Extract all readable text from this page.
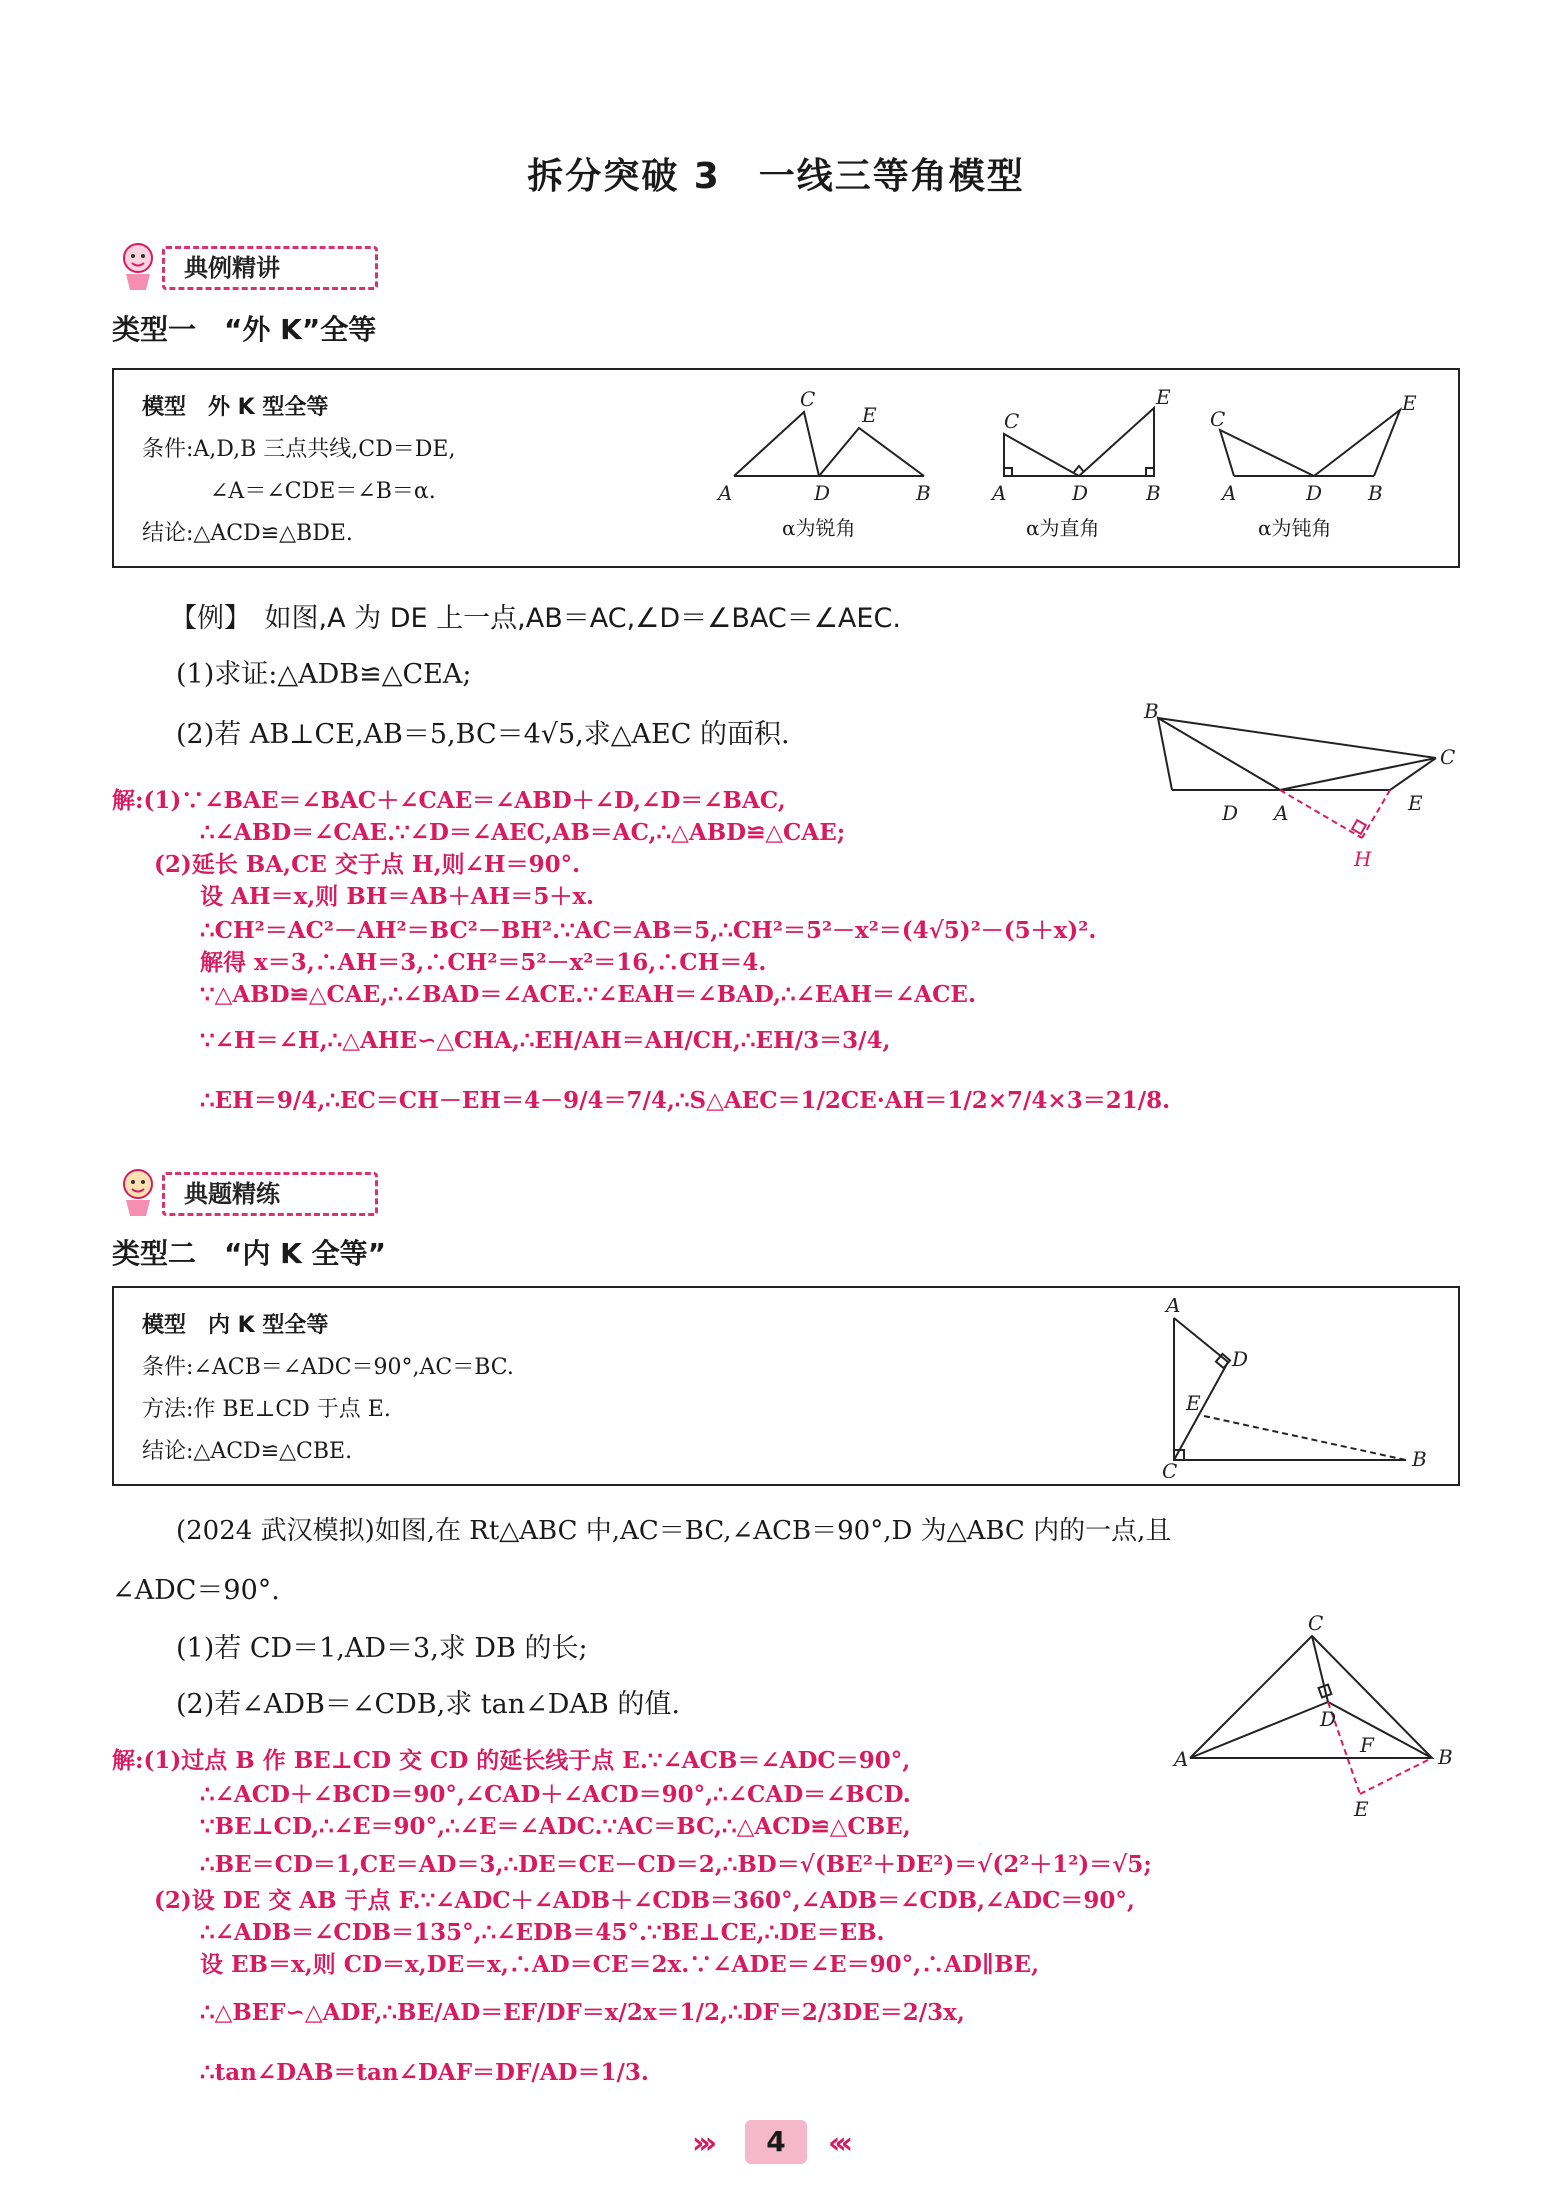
拆分突破 3　一线三等角模型
典例精讲
类型一　“外 K”全等
模型　外 K 型全等
条件:A,D,B 三点共线,CD＝DE,
∠A＝∠CDE＝∠B＝α.
结论:△ACD≌△BDE.
A	D	B
C
E
A	D	B
C
E
A	D B
C
E
α为锐角	α为直角	α为钝角
【例】　如图,A 为 DE 上一点,AB＝AC,∠D＝∠BAC＝∠AEC.
(1)求证:△ADB≌△CEA;
(2)若 AB⊥CE,AB＝5,BC＝4√5,求△AEC 的面积.
B
C
D A	E
H
解:(1)∵∠BAE＝∠BAC＋∠CAE＝∠ABD＋∠D,∠D＝∠BAC,
∴∠ABD＝∠CAE.∵∠D＝∠AEC,AB＝AC,∴△ABD≌△CAE;
(2)延长 BA,CE 交于点 H,则∠H＝90°.
设 AH＝x,则 BH＝AB＋AH＝5＋x.
∴CH²＝AC²－AH²＝BC²－BH².∵AC＝AB＝5,∴CH²＝5²－x²＝(4√5)²－(5＋x)².
解得 x＝3,∴AH＝3,∴CH²＝5²－x²＝16,∴CH＝4.
∵△ABD≌△CAE,∴∠BAD＝∠ACE.∵∠EAH＝∠BAD,∴∠EAH＝∠ACE.
∵∠H＝∠H,∴△AHE∽△CHA,∴EH/AH＝AH/CH,∴EH/3＝3/4,
∴EH＝9/4,∴EC＝CH－EH＝4－9/4＝7/4,∴S△AEC＝1/2CE·AH＝1/2×7/4×3＝21/8.
典题精练
类型二　“内 K 全等”
模型　内 K 型全等
条件:∠ACB＝∠ADC＝90°,AC＝BC.
方法:作 BE⊥CD 于点 E.
结论:△ACD≌△CBE.
A
D
E
C	B
(2024 武汉模拟)如图,在 Rt△ABC 中,AC＝BC,∠ACB＝90°,D 为△ABC 内的一点,且
∠ADC＝90°.
(1)若 CD＝1,AD＝3,求 DB 的长;
(2)若∠ADB＝∠CDB,求 tan∠DAB 的值.
A
C
D
F	B
E
解:(1)过点 B 作 BE⊥CD 交 CD 的延长线于点 E.∵∠ACB＝∠ADC＝90°,
∴∠ACD＋∠BCD＝90°,∠CAD＋∠ACD＝90°,∴∠CAD＝∠BCD.
∵BE⊥CD,∴∠E＝90°,∴∠E＝∠ADC.∵AC＝BC,∴△ACD≌△CBE,
∴BE＝CD＝1,CE＝AD＝3,∴DE＝CE－CD＝2,∴BD＝√(BE²＋DE²)＝√(2²＋1²)＝√5;
(2)设 DE 交 AB 于点 F.∵∠ADC＋∠ADB＋∠CDB＝360°,∠ADB＝∠CDB,∠ADC＝90°,
∴∠ADB＝∠CDB＝135°,∴∠EDB＝45°.∵BE⊥CE,∴DE＝EB.
设 EB＝x,则 CD＝x,DE＝x,∴AD＝CE＝2x.∵∠ADE＝∠E＝90°,∴AD∥BE,
∴△BEF∽△ADF,∴BE/AD＝EF/DF＝x/2x＝1/2,∴DF＝2/3DE＝2/3x,
∴tan∠DAB＝tan∠DAF＝DF/AD＝1/3.
›››	4	‹‹‹
